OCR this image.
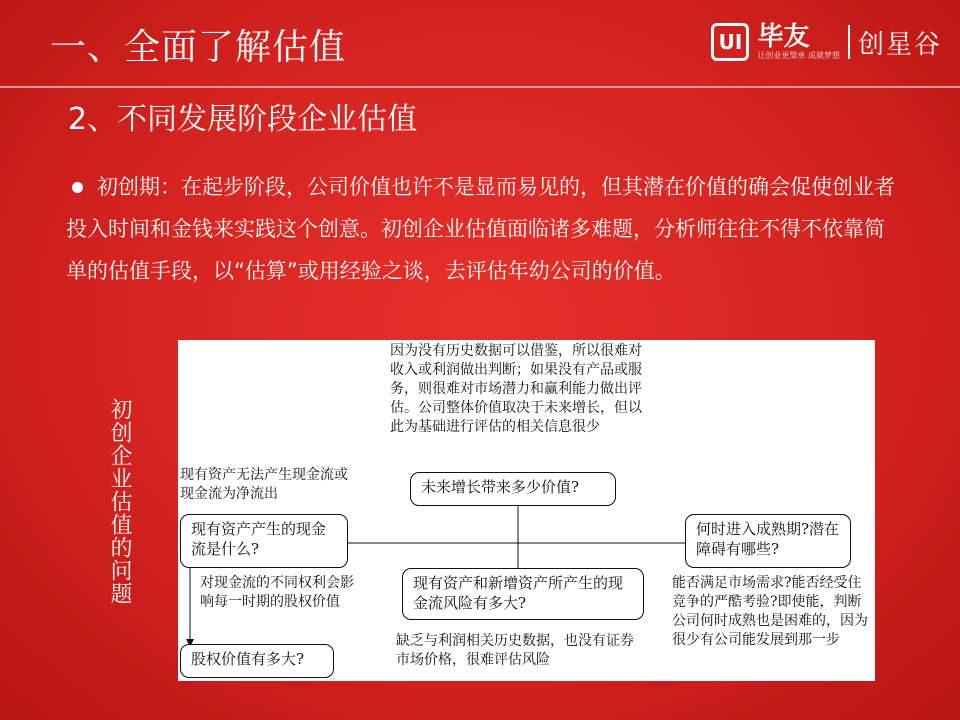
一、全面了解估值	UI 毕友
让创业更简单 成就梦想 创星谷
2、不同发展阶段企业估值
初创期：在起步阶段，公司价值也许不是显而易见的，但其潜在价值的确会促使创业者投入时间和金钱来实践这个创意。初创企业估值面临诸多难题，分析师往往不得不依靠简单的估值手段，以“估算”或用经验之谈，去评估年幼公司的价值。
初创企业估值的问题
因为没有历史数据可以借鉴，所以很难对收入或利润做出判断；如果没有产品或服务，则很难对市场潜力和赢利能力做出评估。公司整体价值取决于未来增长，但以此为基础进行评估的相关信息很少
未来增长带来多少价值?
现有资产无法产生现金流或现金流为净流出
现有资产产生的现金流是什么?
对现金流的不同权利会影响每一时期的股权价值
股权价值有多大?
现有资产和新增资产所产生的现金流风险有多大?
缺乏与利润相关历史数据，也没有证券市场价格，很难评估风险
何时进入成熟期?潜在障碍有哪些?
能否满足市场需求?能否经受住竞争的严酷考验?即使能，判断公司何时成熟也是困难的，因为很少有公司能发展到那一步
